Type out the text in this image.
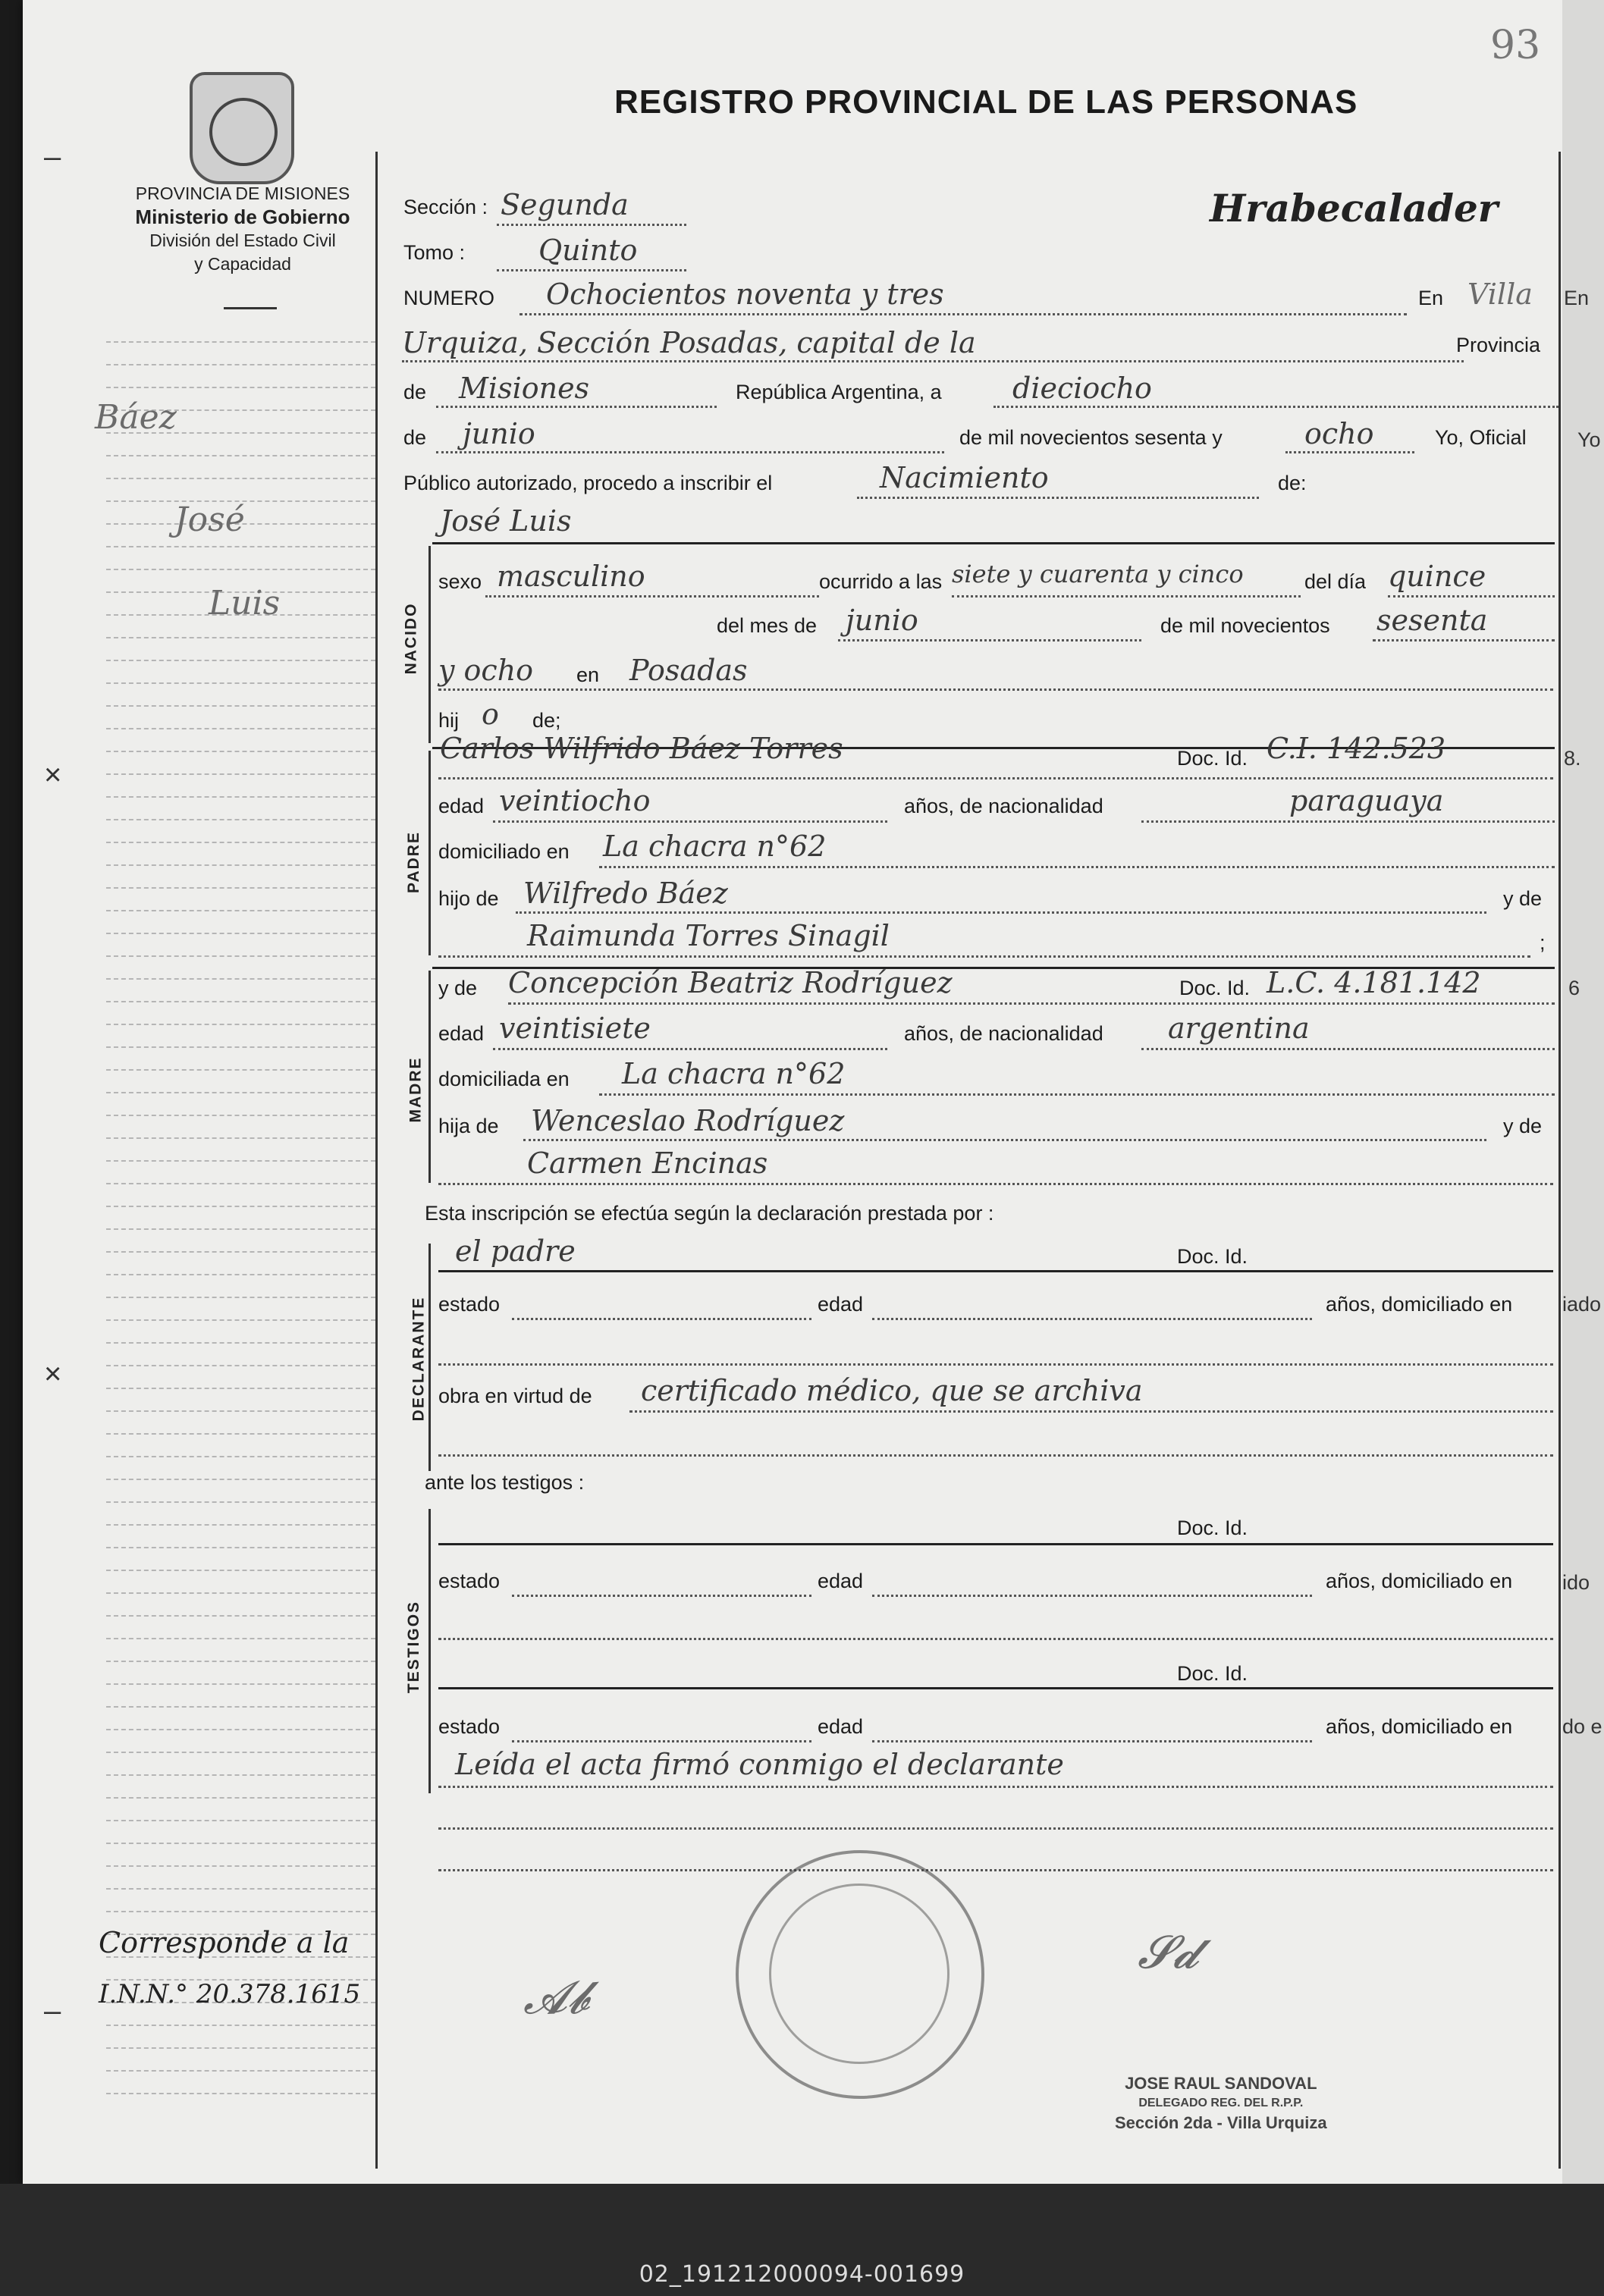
93
REGISTRO PROVINCIAL DE LAS PERSONAS
PROVINCIA DE MISIONES
Ministerio de Gobierno
División del Estado Civil
y Capacidad
Hrabecalader
Báez
José
Luis
Corresponde a la
I.N.N.° 20.378.1615
–
×
×
–
Sección : Segunda
Tomo :	Quinto
NUMERO Ochocientos noventa y tres	En Villa
Urquiza, Sección Posadas, capital de la	Provincia
de Misiones	República Argentina, a dieciocho
de junio	de mil novecientos sesenta y	ocho	Yo, Oficial
Público autorizado, procedo a inscribir el	Nacimiento	de:
José Luis
NACIDO
sexo masculino	ocurrido a las siete y cuarenta y cinco	del día quince
del mes de junio	de mil novecientos sesenta
y ocho en Posadas
hij o de;
PADRE
Carlos Wilfrido Báez Torres	Doc. Id. C.I. 142.523
edad veintiocho	años, de nacionalidad	paraguaya
domiciliado en La chacra n°62
hijo de Wilfredo Báez	y de
Raimunda Torres Sinagil	;
MADRE
y de Concepción Beatriz Rodríguez	Doc. Id. L.C. 4.181.142
edad veintisiete	años, de nacionalidad argentina
domiciliada en La chacra n°62
hija de Wenceslao Rodríguez	y de
Carmen Encinas
Esta inscripción se efectúa según la declaración prestada por :
DECLARANTE
el padre	Doc. Id.
estado	edad	años, domiciliado en
obra en virtud de certificado médico, que se archiva
ante los testigos :
TESTIGOS
Doc. Id.
estado	edad	años, domiciliado en
Doc. Id.
estado	edad	años, domiciliado en
Leída el acta firmó conmigo el declarante
𝓐𝓫
𝓢𝓭
JOSE RAUL SANDOVAL
DELEGADO REG. DEL R.P.P.
Sección 2da - Villa Urquiza
En
Yo
8.
6
iado
ido
do e
02_191212000094-001699
